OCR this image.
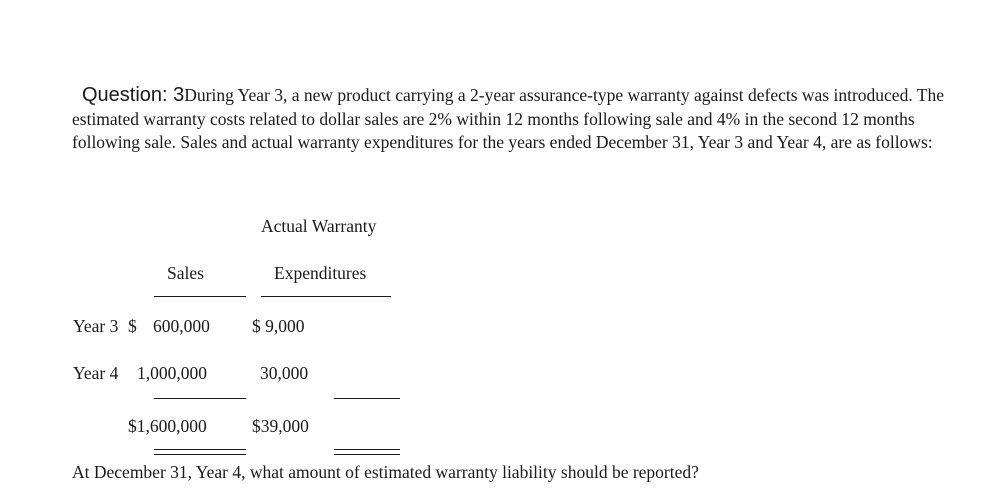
Question: 3During Year 3, a new product carrying a 2-year assurance-type warranty against defects was introduced. The estimated warranty costs related to dollar sales are 2% within 12 months following sale and 4% in the second 12 months following sale. Sales and actual warranty expenditures for the years ended December 31, Year 3 and Year 4, are as follows:

Actual Warranty
Sales	Expenditures
Year 3 $ 600,000 $ 9,000
Year 4 1,000,000	30,000
$1,600,000	$39,000

At December 31, Year 4, what amount of estimated warranty liability should be reported?
